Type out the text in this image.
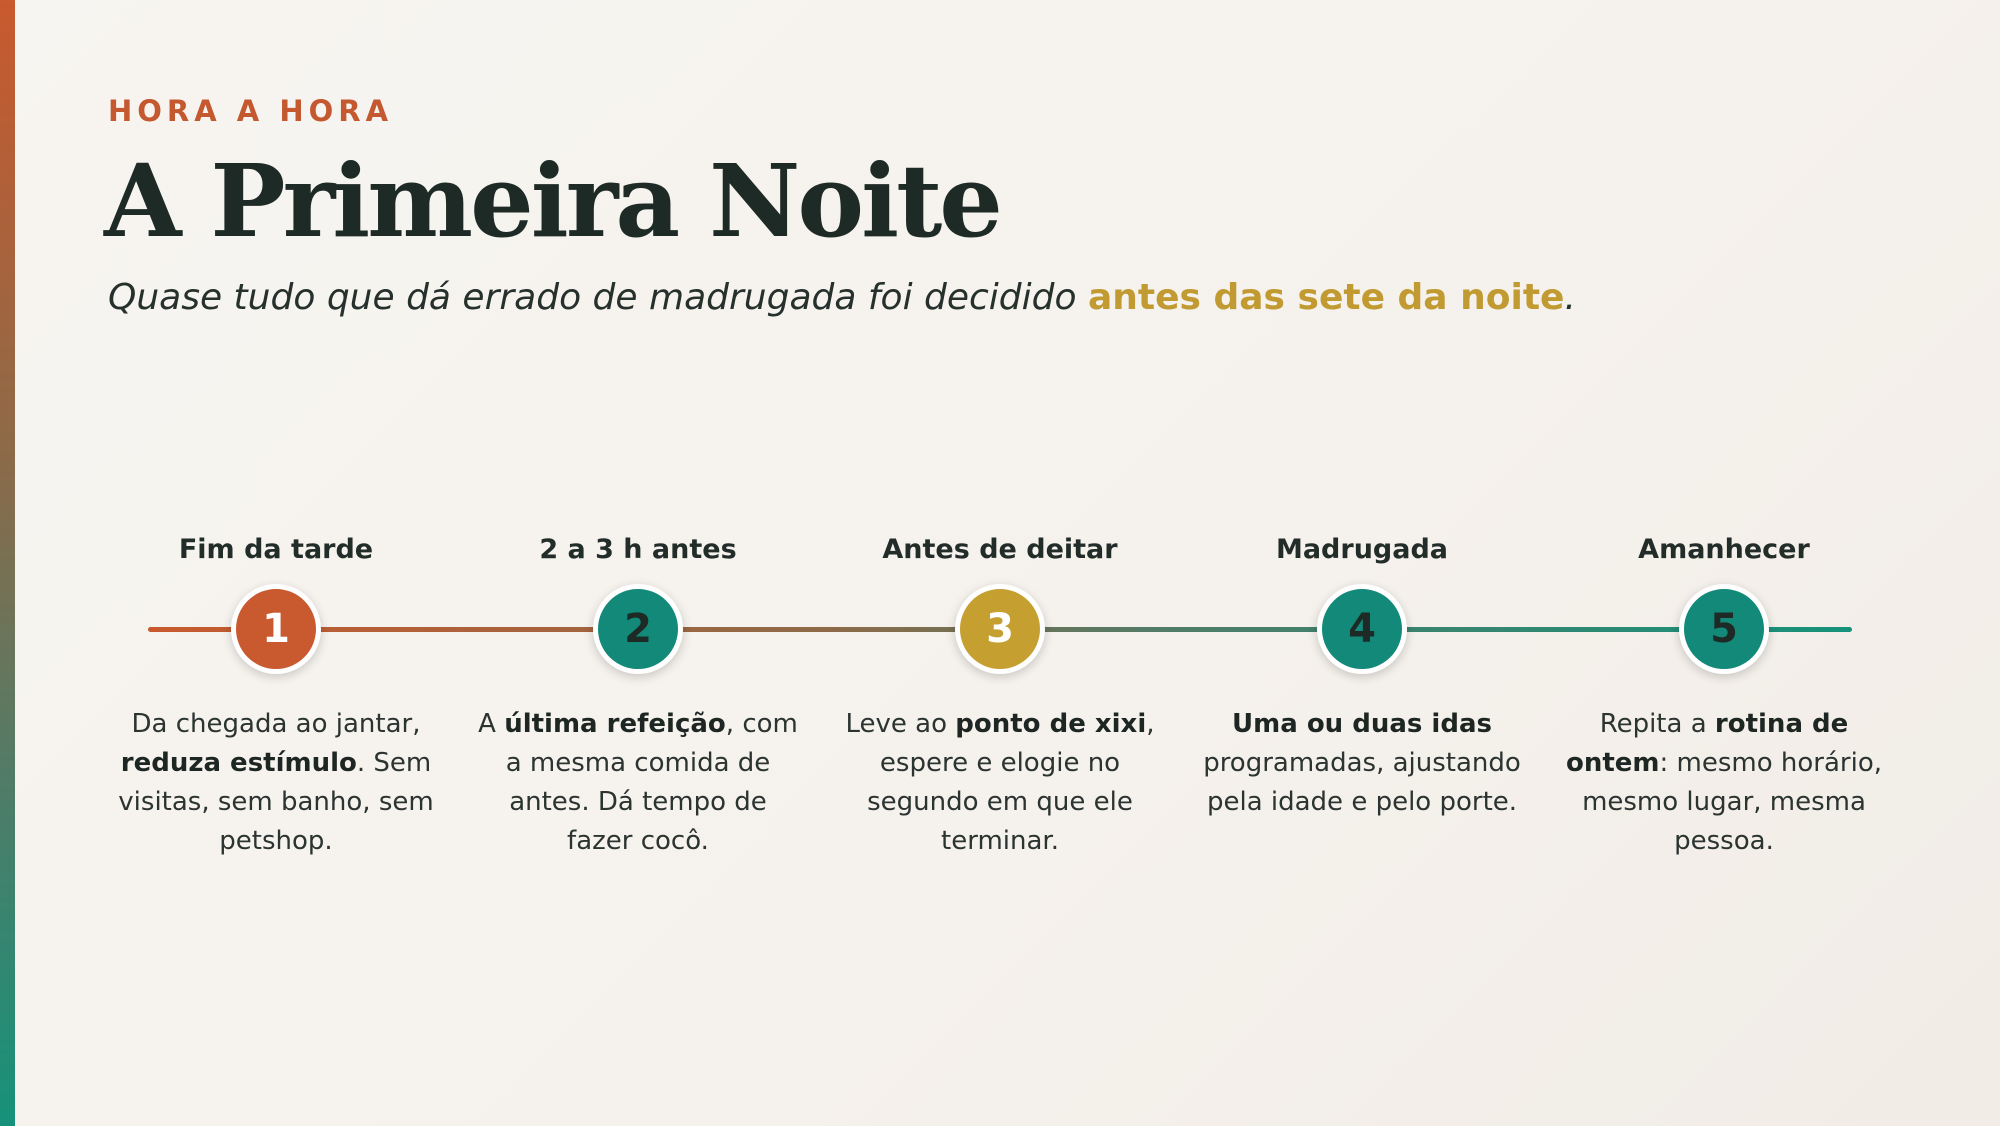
HORA A HORA
A Primeira Noite

Quase tudo que dá errado de madrugada foi decidido antes das sete da noite.

Fim da tarde
1
Da chegada ao jantar, reduza estímulo. Sem visitas, sem banho, sem petshop.
2 a 3 h antes
2
A última refeição, com a mesma comida de antes. Dá tempo de fazer cocô.
Antes de deitar
3
Leve ao ponto de xixi, espere e elogie no segundo em que ele terminar.
Madrugada
4
Uma ou duas idas programadas, ajustando pela idade e pelo porte.
Amanhecer
5
Repita a rotina de ontem: mesmo horário, mesmo lugar, mesma pessoa.
